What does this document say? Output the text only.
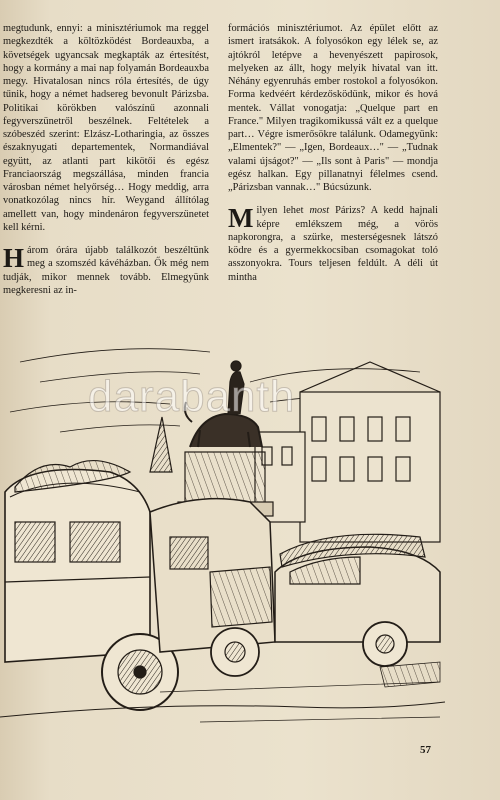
megtudunk, ennyi: a minisztériumok ma reggel megkezdték a költözködést Bordeauxba, a követségek ugyancsak megkapták az értesítést, hogy a kormány a mai nap folyamán Bordeauxba megy. Hivatalosan nincs róla értesítés, de úgy tűnik, hogy a német hadsereg bevonult Párizsba. Politikai körökben valószínű azonnali fegyverszünetről beszélnek. Feltételek a szóbeszéd szerint: Elzász-Lotharingia, az összes északnyugati departementek, Normandiával együtt, az atlanti part kikötői és egész Franciaország megszállása, minden francia városban német helyőrség… Hogy meddig, arra vonatkozólag nincs hír. Weygand állítólag amellett van, hogy mindenáron fegyverszünetet kell kérni.

Három órára újabb találkozót beszéltünk meg a szomszéd kávéházban. Ők még nem tudják, mikor mennek tovább. Elmegyünk megkeresni az in-

formációs minisztériumot. Az épület előtt az ismert iratsákok. A folyosókon egy lélek se, az ajtókról letépve a hevenyészett papirosok, melyeken az állt, hogy melyik hivatal van itt. Néhány egyenruhás ember rostokol a folyosókon. Forma kedvéért kérdezősködünk, mikor és hová mentek. Vállat vonogatja: „Quelque part en France." Milyen tragikomikussá vált ez a quelque part… Végre ismerősökre találunk. Odamegyünk: „Elmentek?" — „Igen, Bordeaux…" — „Tudnak valami újságot?" — „Ils sont à Paris" — mondja egész halkan. Egy pillanatnyi félelmes csend. „Párizsban vannak…" Búcsúzunk.

Milyen lehet most Párizs? A kedd hajnali képre emlékszem még, a vörös napkorongra, a szürke, mesterségesnek látszó ködre és a gyermekkocsiban csomagokat toló asszonyokra. Tours teljesen feldúlt. A déli út mintha

darabanth
57
